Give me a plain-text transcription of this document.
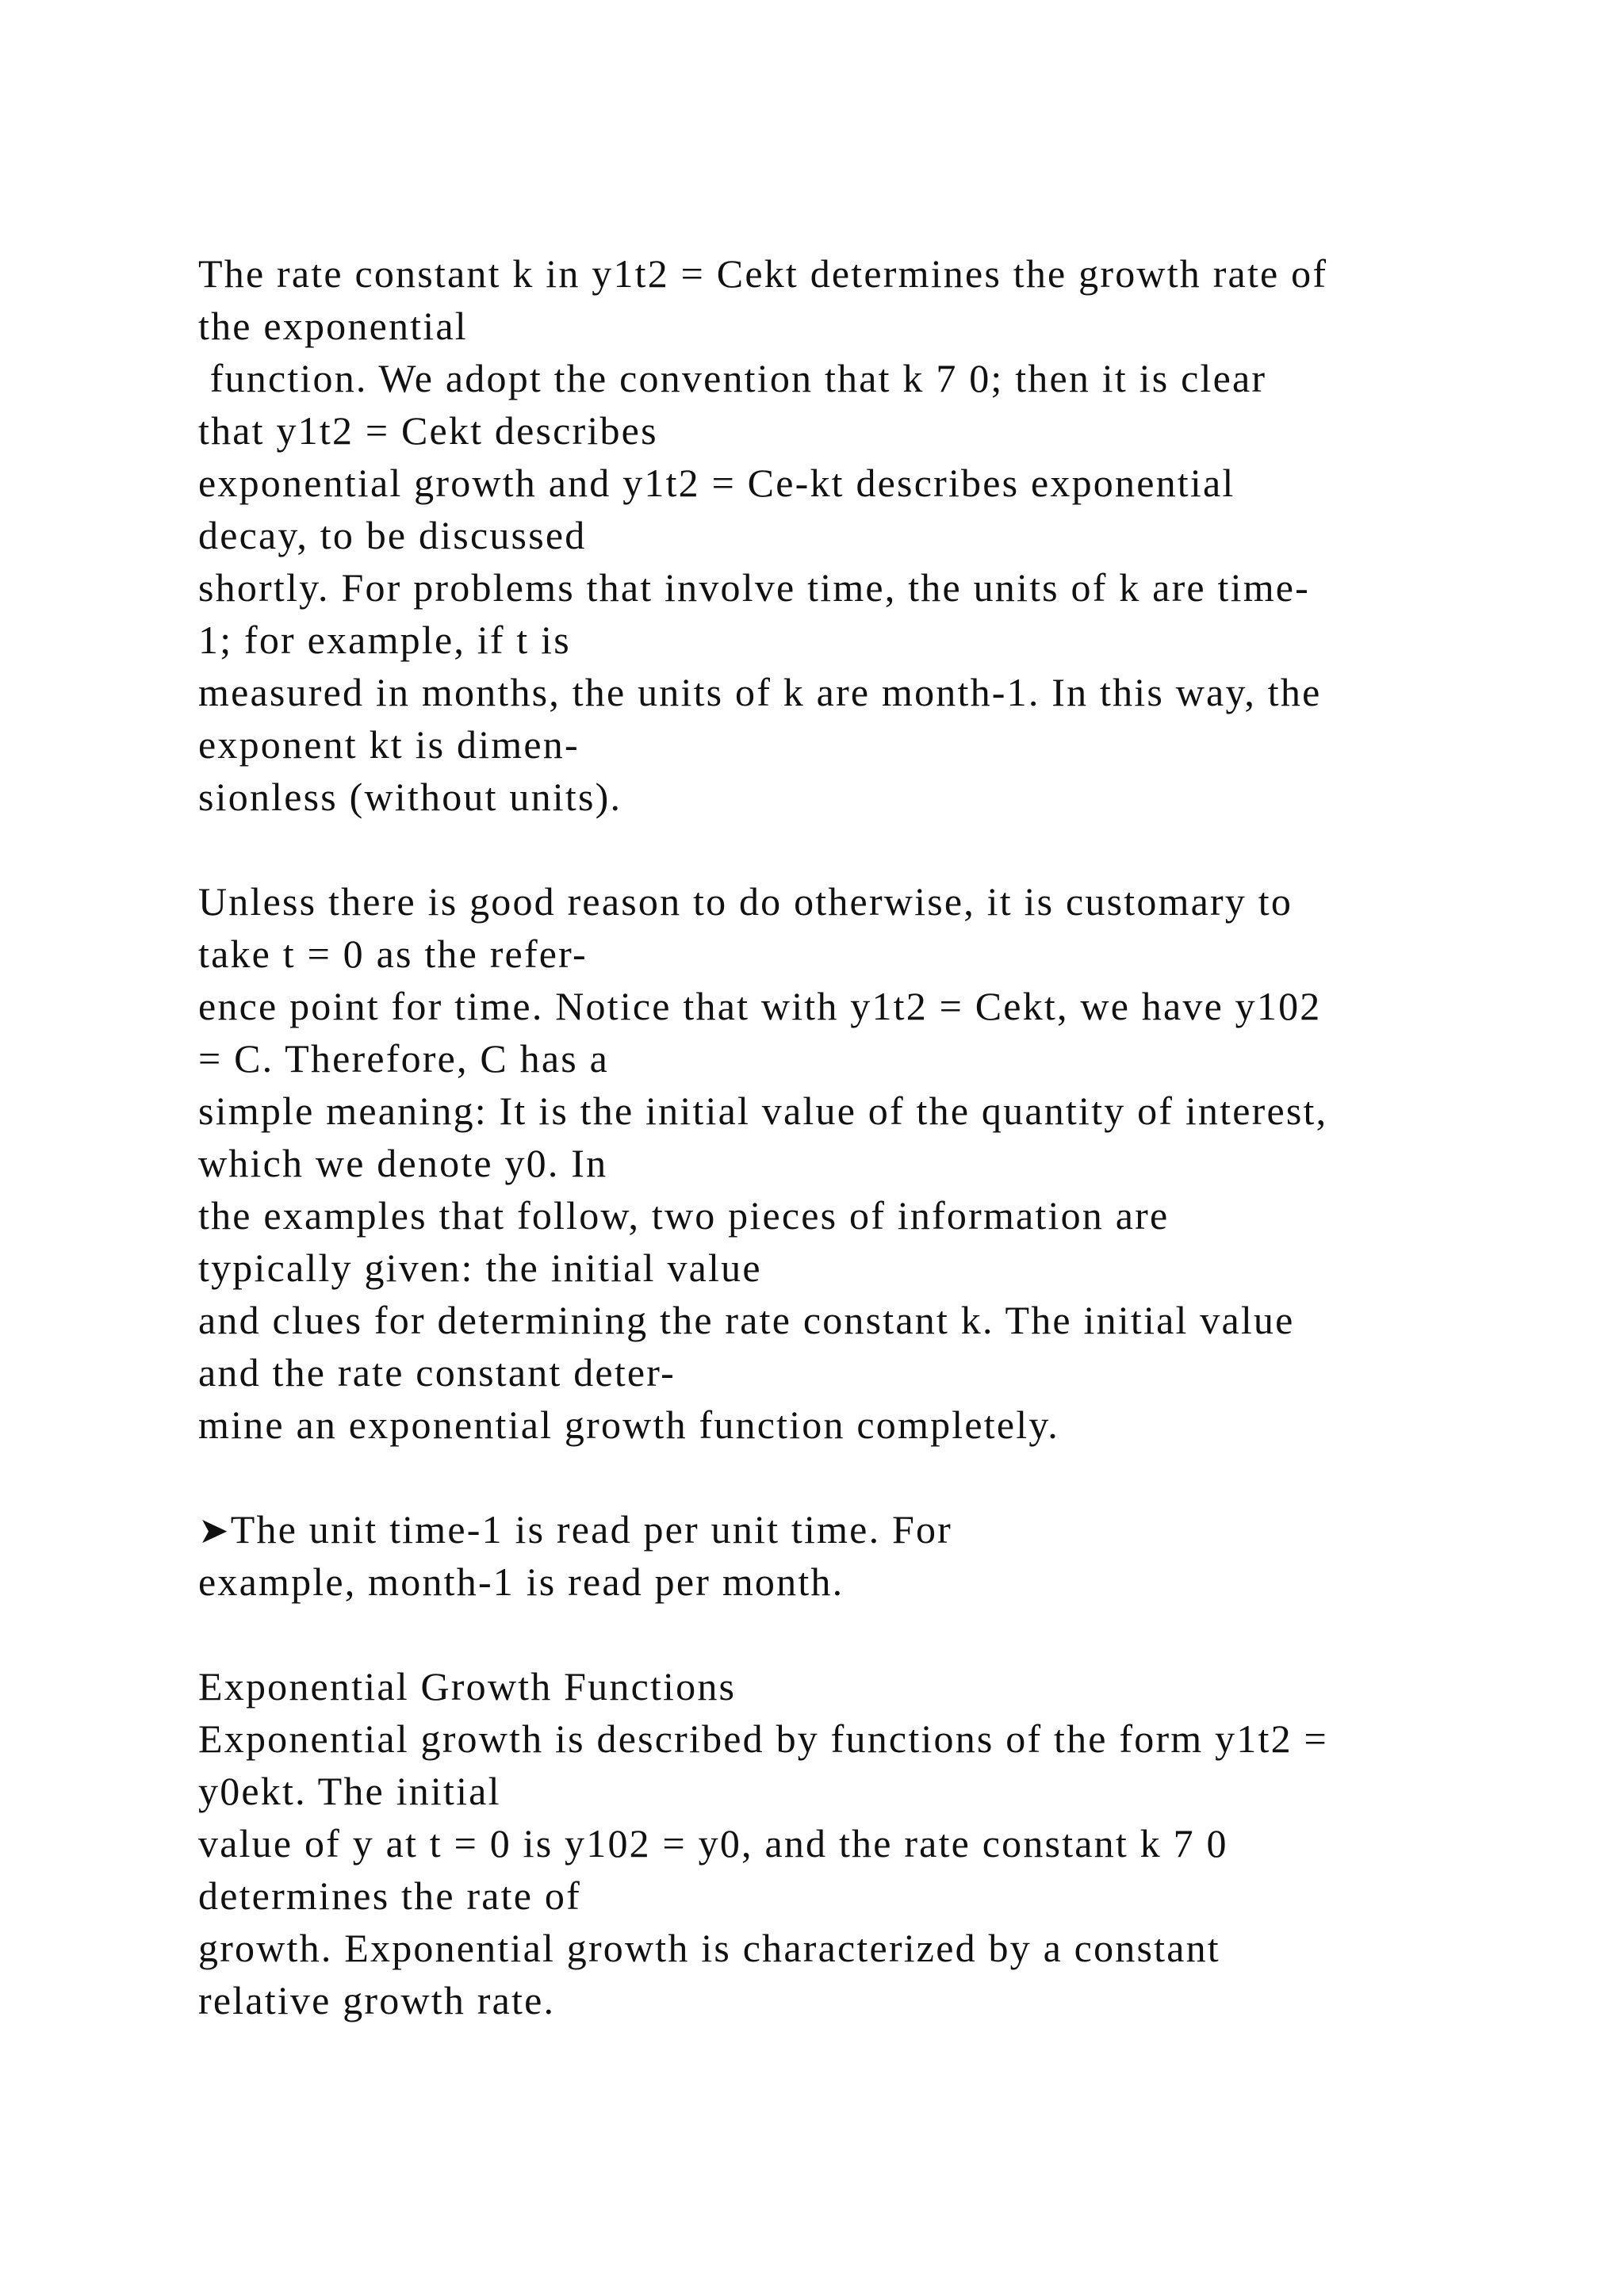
The rate constant k in y1t2 = Cekt determines the growth rate of

the exponential

function. We adopt the convention that k 7 0; then it is clear

that y1t2 = Cekt describes

exponential growth and y1t2 = Ce-kt describes exponential

decay, to be discussed

shortly. For problems that involve time, the units of k are time-

1; for example, if t is

measured in months, the units of k are month-1. In this way, the

exponent kt is dimen-

sionless (without units).

Unless there is good reason to do otherwise, it is customary to

take t = 0 as the refer-

ence point for time. Notice that with y1t2 = Cekt, we have y102

= C. Therefore, C has a

simple meaning: It is the initial value of the quantity of interest,

which we denote y0. In

the examples that follow, two pieces of information are

typically given: the initial value

and clues for determining the rate constant k. The initial value

and the rate constant deter-

mine an exponential growth function completely.

➤The unit time-1 is read per unit time. For

example, month-1 is read per month.

Exponential Growth Functions

Exponential growth is described by functions of the form y1t2 =

y0ekt. The initial

value of y at t = 0 is y102 = y0, and the rate constant k 7 0

determines the rate of

growth. Exponential growth is characterized by a constant

relative growth rate.
